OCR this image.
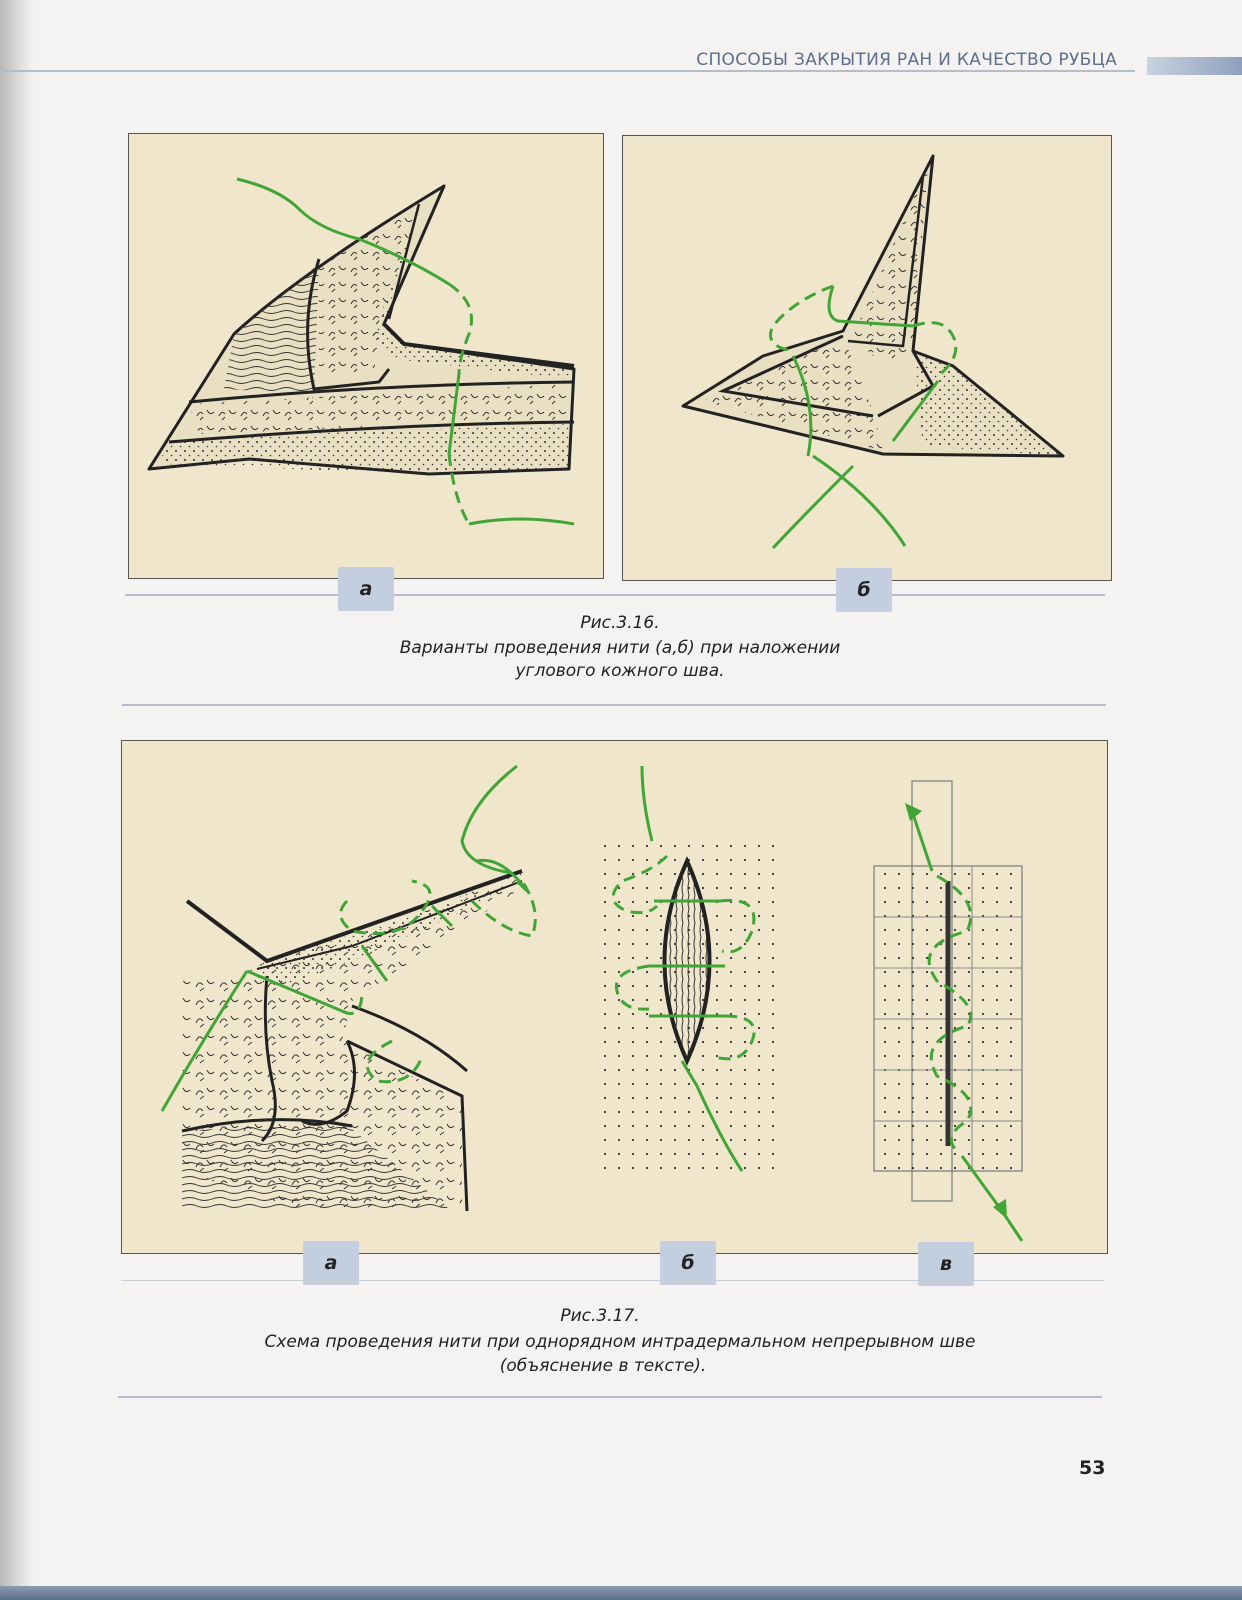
СПОСОБЫ ЗАКРЫТИЯ РАН И КАЧЕСТВО РУБЦА
а	б
Рис.3.16.
Варианты проведения нити (а,б) при наложении
углового кожного шва.
а	б	в
Рис.3.17.
Схема проведения нити при однорядном интрадермальном непрерывном шве
(объяснение в тексте).
53
